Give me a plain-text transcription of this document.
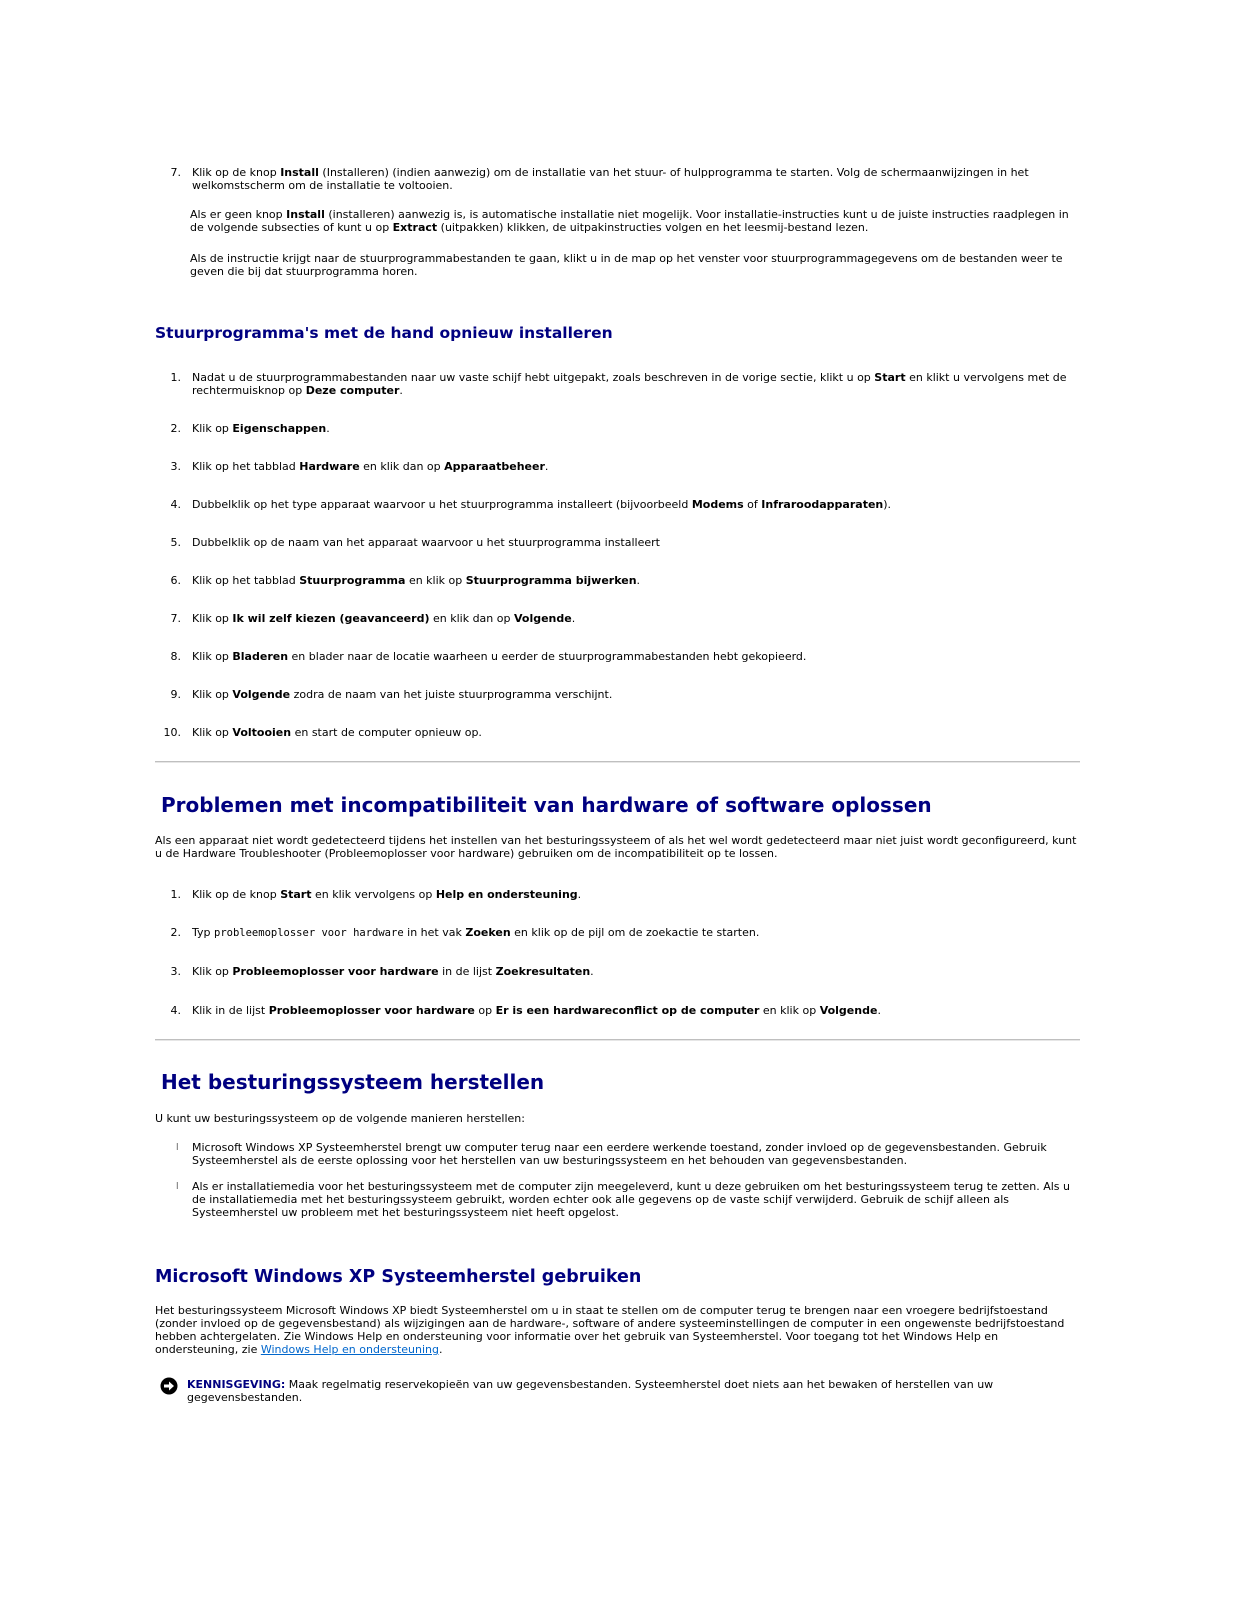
7. Klik op de knop Install (Installeren) (indien aanwezig) om de installatie van het stuur- of hulpprogramma te starten. Volg de schermaanwijzingen in het welkomstscherm om de installatie te voltooien.
Als er geen knop Install (installeren) aanwezig is, is automatische installatie niet mogelijk. Voor installatie-instructies kunt u de juiste instructies raadplegen in de volgende subsecties of kunt u op Extract (uitpakken) klikken, de uitpakinstructies volgen en het leesmij-bestand lezen.
Als de instructie krijgt naar de stuurprogrammabestanden te gaan, klikt u in de map op het venster voor stuurprogrammagegevens om de bestanden weer te geven die bij dat stuurprogramma horen.
Stuurprogramma's met de hand opnieuw installeren
1. Nadat u de stuurprogrammabestanden naar uw vaste schijf hebt uitgepakt, zoals beschreven in de vorige sectie, klikt u op Start en klikt u vervolgens met de rechtermuisknop op Deze computer.
2. Klik op Eigenschappen.
3. Klik op het tabblad Hardware en klik dan op Apparaatbeheer.
4. Dubbelklik op het type apparaat waarvoor u het stuurprogramma installeert (bijvoorbeeld Modems of Infraroodapparaten).
5. Dubbelklik op de naam van het apparaat waarvoor u het stuurprogramma installeert
6. Klik op het tabblad Stuurprogramma en klik op Stuurprogramma bijwerken.
7. Klik op Ik wil zelf kiezen (geavanceerd) en klik dan op Volgende.
8. Klik op Bladeren en blader naar de locatie waarheen u eerder de stuurprogrammabestanden hebt gekopieerd.
9. Klik op Volgende zodra de naam van het juiste stuurprogramma verschijnt.
10. Klik op Voltooien en start de computer opnieuw op.
Problemen met incompatibiliteit van hardware of software oplossen
Als een apparaat niet wordt gedetecteerd tijdens het instellen van het besturingssysteem of als het wel wordt gedetecteerd maar niet juist wordt geconfigureerd, kunt u de Hardware Troubleshooter (Probleemoplosser voor hardware) gebruiken om de incompatibiliteit op te lossen.
1. Klik op de knop Start en klik vervolgens op Help en ondersteuning.
2. Typ probleemoplosser voor hardware in het vak Zoeken en klik op de pijl om de zoekactie te starten.
3. Klik op Probleemoplosser voor hardware in de lijst Zoekresultaten.
4. Klik in de lijst Probleemoplosser voor hardware op Er is een hardwareconflict op de computer en klik op Volgende.
Het besturingssysteem herstellen
U kunt uw besturingssysteem op de volgende manieren herstellen:
l Microsoft Windows XP Systeemherstel brengt uw computer terug naar een eerdere werkende toestand, zonder invloed op de gegevensbestanden. Gebruik Systeemherstel als de eerste oplossing voor het herstellen van uw besturingssysteem en het behouden van gegevensbestanden.
l Als er installatiemedia voor het besturingssysteem met de computer zijn meegeleverd, kunt u deze gebruiken om het besturingssysteem terug te zetten. Als u de installatiemedia met het besturingssysteem gebruikt, worden echter ook alle gegevens op de vaste schijf verwijderd. Gebruik de schijf alleen als Systeemherstel uw probleem met het besturingssysteem niet heeft opgelost.
Microsoft Windows XP Systeemherstel gebruiken
Het besturingssysteem Microsoft Windows XP biedt Systeemherstel om u in staat te stellen om de computer terug te brengen naar een vroegere bedrijfstoestand (zonder invloed op de gegevensbestand) als wijzigingen aan de hardware-, software of andere systeeminstellingen de computer in een ongewenste bedrijfstoestand hebben achtergelaten. Zie Windows Help en ondersteuning voor informatie over het gebruik van Systeemherstel. Voor toegang tot het Windows Help en ondersteuning, zie Windows Help en ondersteuning.
KENNISGEVING: Maak regelmatig reservekopieën van uw gegevensbestanden. Systeemherstel doet niets aan het bewaken of herstellen van uw gegevensbestanden.
